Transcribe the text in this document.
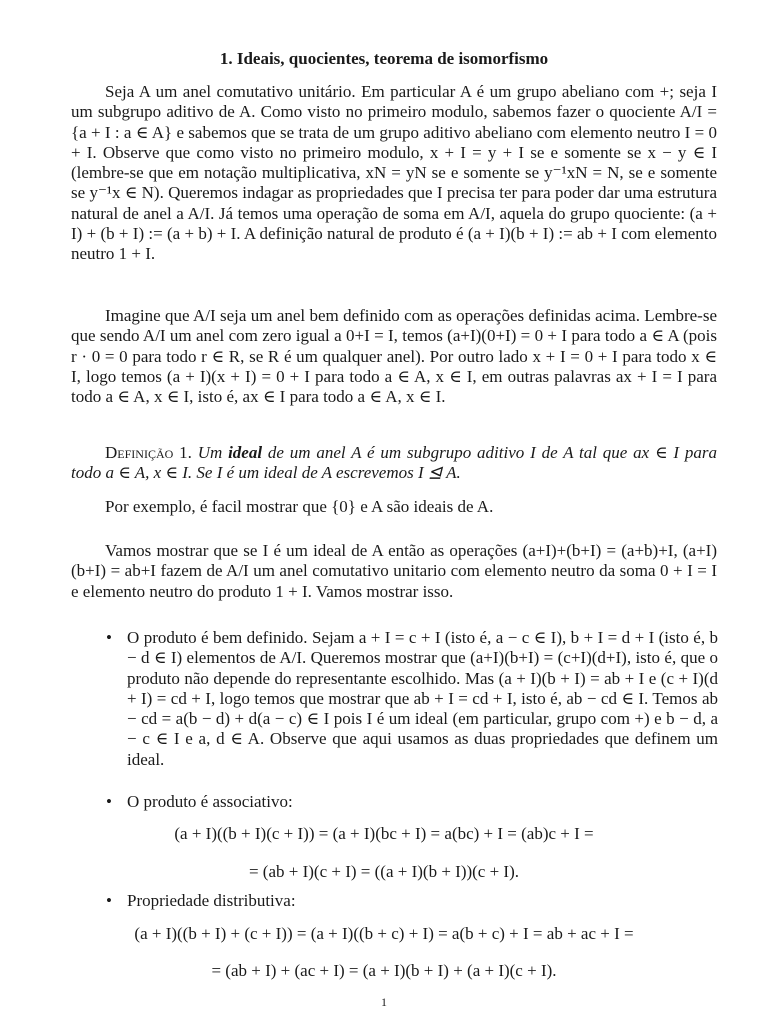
1. Ideais, quocientes, teorema de isomorfismo

Seja A um anel comutativo unitário. Em particular A é um grupo abeliano com +; seja I um subgrupo aditivo de A. Como visto no primeiro modulo, sabemos fazer o quociente A/I = {a + I : a ∈ A} e sabemos que se trata de um grupo aditivo abeliano com elemento neutro I = 0 + I. Observe que como visto no primeiro modulo, x + I = y + I se e somente se x − y ∈ I (lembre-se que em notação multiplicativa, xN = yN se e somente se y⁻¹xN = N, se e somente se y⁻¹x ∈ N). Queremos indagar as propriedades que I precisa ter para poder dar uma estrutura natural de anel a A/I. Já temos uma operação de soma em A/I, aquela do grupo quociente: (a + I) + (b + I) := (a + b) + I. A definição natural de produto é (a + I)(b + I) := ab + I com elemento neutro 1 + I.

Imagine que A/I seja um anel bem definido com as operações definidas acima. Lembre-se que sendo A/I um anel com zero igual a 0+I = I, temos (a+I)(0+I) = 0 + I para todo a ∈ A (pois r · 0 = 0 para todo r ∈ R, se R é um qualquer anel). Por outro lado x + I = 0 + I para todo x ∈ I, logo temos (a + I)(x + I) = 0 + I para todo a ∈ A, x ∈ I, em outras palavras ax + I = I para todo a ∈ A, x ∈ I, isto é, ax ∈ I para todo a ∈ A, x ∈ I.

Definição 1. Um ideal de um anel A é um subgrupo aditivo I de A tal que ax ∈ I para todo a ∈ A, x ∈ I. Se I é um ideal de A escrevemos I ⊴ A.

Por exemplo, é facil mostrar que {0} e A são ideais de A.

Vamos mostrar que se I é um ideal de A então as operações (a+I)+(b+I) = (a+b)+I, (a+I)(b+I) = ab+I fazem de A/I um anel comutativo unitario com elemento neutro da soma 0 + I = I e elemento neutro do produto 1 + I. Vamos mostrar isso.

• O produto é bem definido. Sejam a + I = c + I (isto é, a − c ∈ I), b + I = d + I (isto é, b − d ∈ I) elementos de A/I. Queremos mostrar que (a+I)(b+I) = (c+I)(d+I), isto é, que o produto não depende do representante escolhido. Mas (a + I)(b + I) = ab + I e (c + I)(d + I) = cd + I, logo temos que mostrar que ab + I = cd + I, isto é, ab − cd ∈ I. Temos ab − cd = a(b − d) + d(a − c) ∈ I pois I é um ideal (em particular, grupo com +) e b − d, a − c ∈ I e a, d ∈ A. Observe que aqui usamos as duas propriedades que definem um ideal.
• O produto é associativo:
(a + I)((b + I)(c + I)) = (a + I)(bc + I) = a(bc) + I = (ab)c + I =
= (ab + I)(c + I) = ((a + I)(b + I))(c + I).
• Propriedade distributiva:
(a + I)((b + I) + (c + I)) = (a + I)((b + c) + I) = a(b + c) + I = ab + ac + I =
= (ab + I) + (ac + I) = (a + I)(b + I) + (a + I)(c + I).
1
